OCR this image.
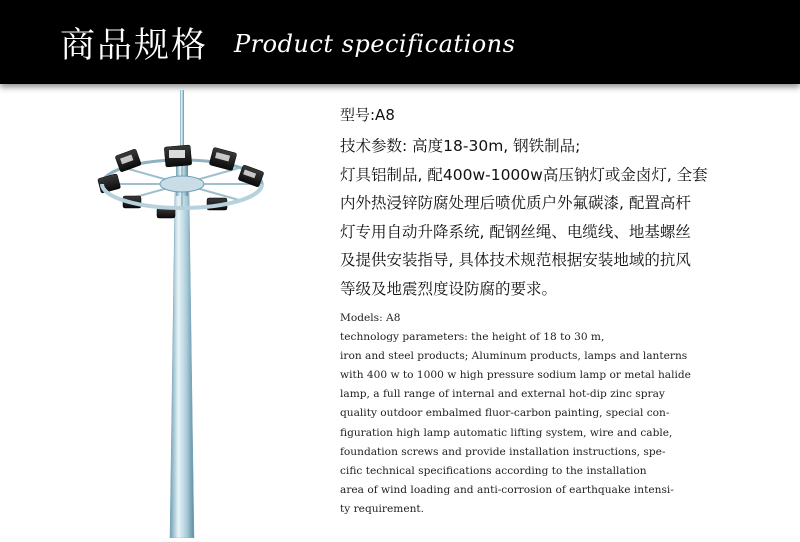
商品规格 Product specifications
型号:A8
技术参数: 高度18-30m, 钢铁制品;
灯具铝制品, 配400w-1000w高压钠灯或金卤灯, 全套
内外热浸锌防腐处理后喷优质户外氟碳漆, 配置高杆
灯专用自动升降系统, 配钢丝绳、电缆线、地基螺丝
及提供安装指导, 具体技术规范根据安装地域的抗风
等级及地震烈度设防腐的要求。
Models: A8
technology parameters: the height of 18 to 30 m,
iron and steel products; Aluminum products, lamps and lanterns
with 400 w to 1000 w high pressure sodium lamp or metal halide
lamp, a full range of internal and external hot-dip zinc spray
quality outdoor embalmed fluor-carbon painting, special con-
figuration high lamp automatic lifting system, wire and cable,
foundation screws and provide installation instructions, spe-
cific technical specifications according to the installation
area of wind loading and anti-corrosion of earthquake intensi-
ty requirement.
